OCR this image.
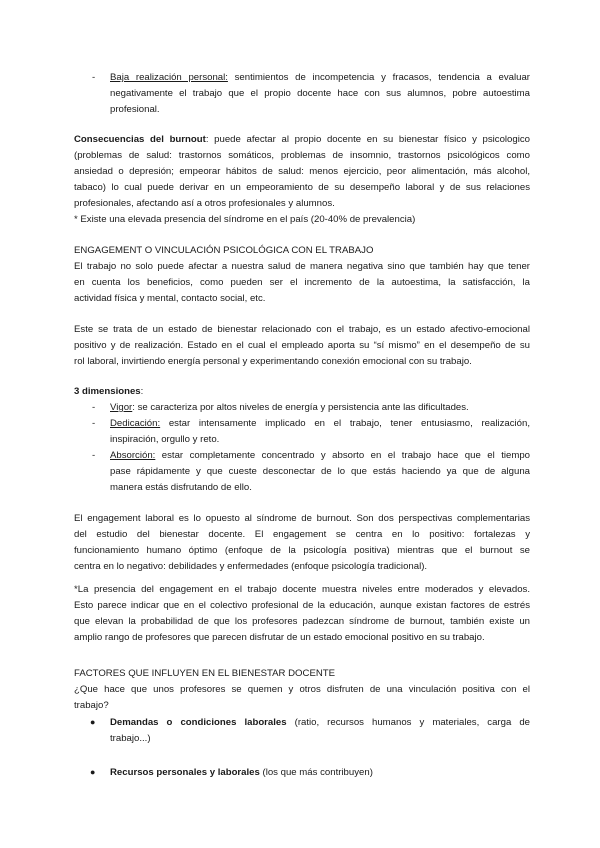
- Baja realización personal: sentimientos de incompetencia y fracasos, tendencia a evaluar
negativamente el trabajo que el propio docente hace con sus alumnos, pobre autoestima
profesional.
Consecuencias del burnout: puede afectar al propio docente en su bienestar físico y psicologico
(problemas de salud: trastornos somáticos, problemas de insomnio, trastornos psicológicos como
ansiedad o depresión; empeorar hábitos de salud: menos ejercicio, peor alimentación, más alcohol,
tabaco) lo cual puede derivar en un empeoramiento de su desempeño laboral y de sus relaciones
profesionales, afectando así a otros profesionales y alumnos.
* Existe una elevada presencia del síndrome en el país (20-40% de prevalencia)
ENGAGEMENT O VINCULACIÓN PSICOLÓGICA CON EL TRABAJO
El trabajo no solo puede afectar a nuestra salud de manera negativa sino que también hay que tener
en cuenta los beneficios, como pueden ser el incremento de la autoestima, la satisfacción, la
actividad física y mental, contacto social, etc.
Este se trata de un estado de bienestar relacionado con el trabajo, es un estado afectivo-emocional
positivo y de realización. Estado en el cual el empleado aporta su “sí mismo” en el desempeño de su
rol laboral, invirtiendo energía personal y experimentando conexión emocional con su trabajo.
3 dimensiones:
- Vigor: se caracteriza por altos niveles de energía y persistencia ante las dificultades.
- Dedicación: estar intensamente implicado en el trabajo, tener entusiasmo, realización,
inspiración, orgullo y reto.
- Absorción: estar completamente concentrado y absorto en el trabajo hace que el tiempo
pase rápidamente y que cueste desconectar de lo que estás haciendo ya que de alguna
manera estás disfrutando de ello.
El engagement laboral es lo opuesto al síndrome de burnout. Son dos perspectivas complementarias
del estudio del bienestar docente. El engagement se centra en lo positivo: fortalezas y
funcionamiento humano óptimo (enfoque de la psicología positiva) mientras que el burnout se
centra en lo negativo: debilidades y enfermedades (enfoque psicología tradicional).
*La presencia del engagement en el trabajo docente muestra niveles entre moderados y elevados.
Esto parece indicar que en el colectivo profesional de la educación, aunque existan factores de estrés
que elevan la probabilidad de que los profesores padezcan síndrome de burnout, también existe un
amplio rango de profesores que parecen disfrutar de un estado emocional positivo en su trabajo.
FACTORES QUE INFLUYEN EN EL BIENESTAR DOCENTE
¿Que hace que unos profesores se quemen y otros disfruten de una vinculación positiva con el
trabajo?
● Demandas o condiciones laborales (ratio, recursos humanos y materiales, carga de
trabajo...)
● Recursos personales y laborales (los que más contribuyen)
